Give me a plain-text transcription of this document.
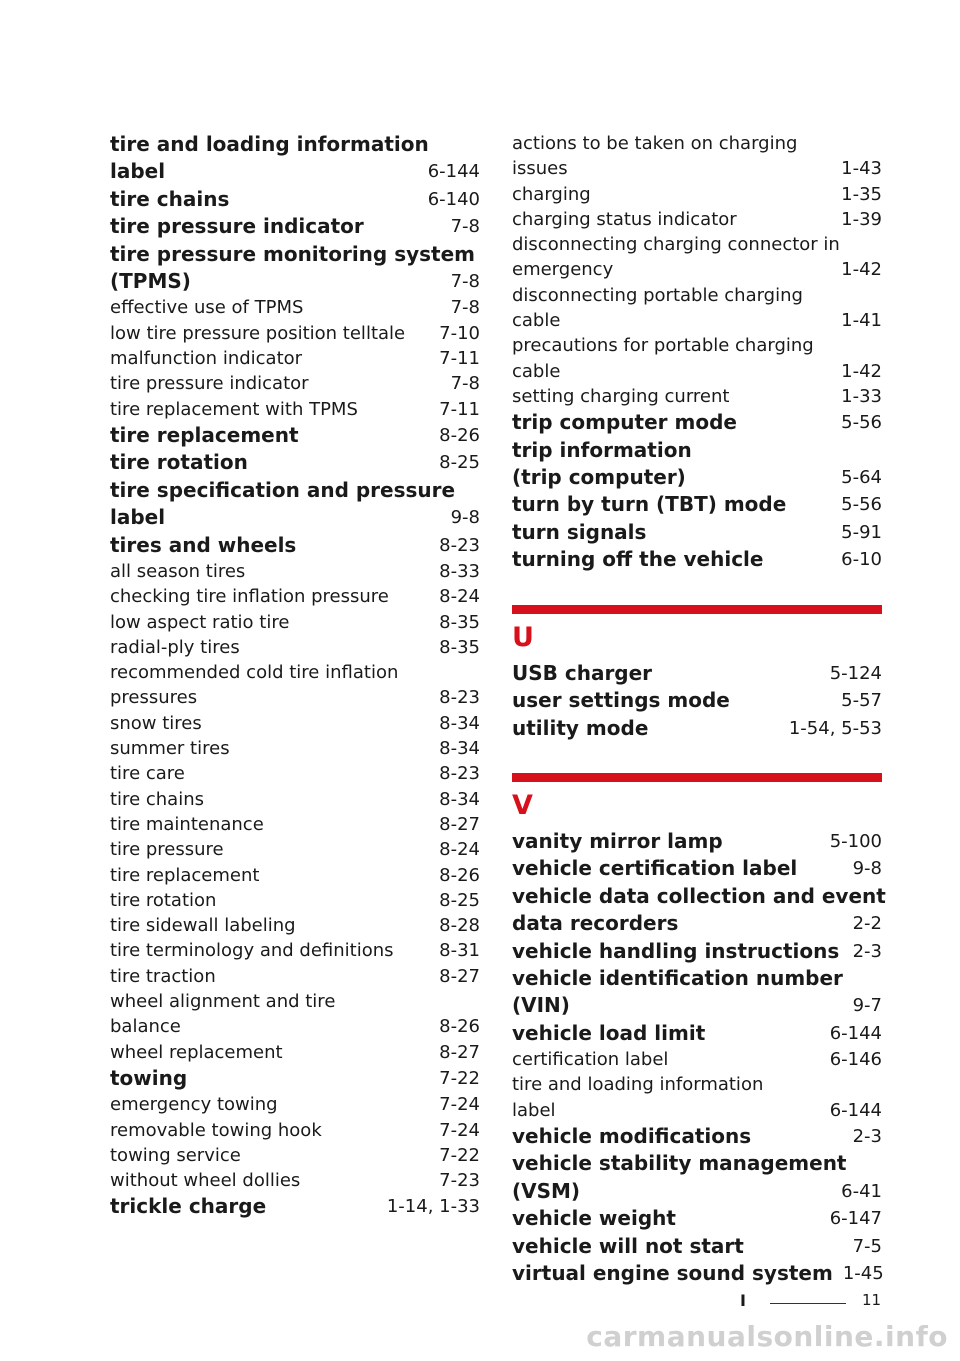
tire and loading information
label	6-144
tire chains	6-140
tire pressure indicator	7-8
tire pressure monitoring system
(TPMS)	7-8
effective use of TPMS	7-8
low tire pressure position telltale 7-10
malfunction indicator	7-11
tire pressure indicator	7-8
tire replacement with TPMS	7-11
tire replacement	8-26
tire rotation	8-25
tire specification and pressure
label	9-8
tires and wheels	8-23
all season tires	8-33
checking tire inflation pressure	8-24
low aspect ratio tire	8-35
radial-ply tires	8-35
recommended cold tire inflation
pressures	8-23
snow tires	8-34
summer tires	8-34
tire care	8-23
tire chains	8-34
tire maintenance	8-27
tire pressure	8-24
tire replacement	8-26
tire rotation	8-25
tire sidewall labeling	8-28
tire terminology and definitions	8-31
tire traction	8-27
wheel alignment and tire
balance	8-26
wheel replacement	8-27
towing	7-22
emergency towing	7-24
removable towing hook	7-24
towing service	7-22
without wheel dollies	7-23
trickle charge	1-14, 1-33
actions to be taken on charging
issues	1-43
charging	1-35
charging status indicator	1-39
disconnecting charging connector in
emergency	1-42
disconnecting portable charging
cable	1-41
precautions for portable charging
cable	1-42
setting charging current	1-33
trip computer mode	5-56
trip information
(trip computer)	5-64
turn by turn (TBT) mode	5-56
turn signals	5-91
turning off the vehicle	6-10
U
USB charger	5-124
user settings mode	5-57
utility mode	1-54, 5-53
V
vanity mirror lamp	5-100
vehicle certification label	9-8
vehicle data collection and event
data recorders	2-2
vehicle handling instructions 2-3
vehicle identification number
(VIN)	9-7
vehicle load limit	6-144
certification label	6-146
tire and loading information
label	6-144
vehicle modifications	2-3
vehicle stability management
(VSM)	6-41
vehicle weight	6-147
vehicle will not start	7-5
virtual engine sound system 1-45
I	11
carmanualsonline.info
